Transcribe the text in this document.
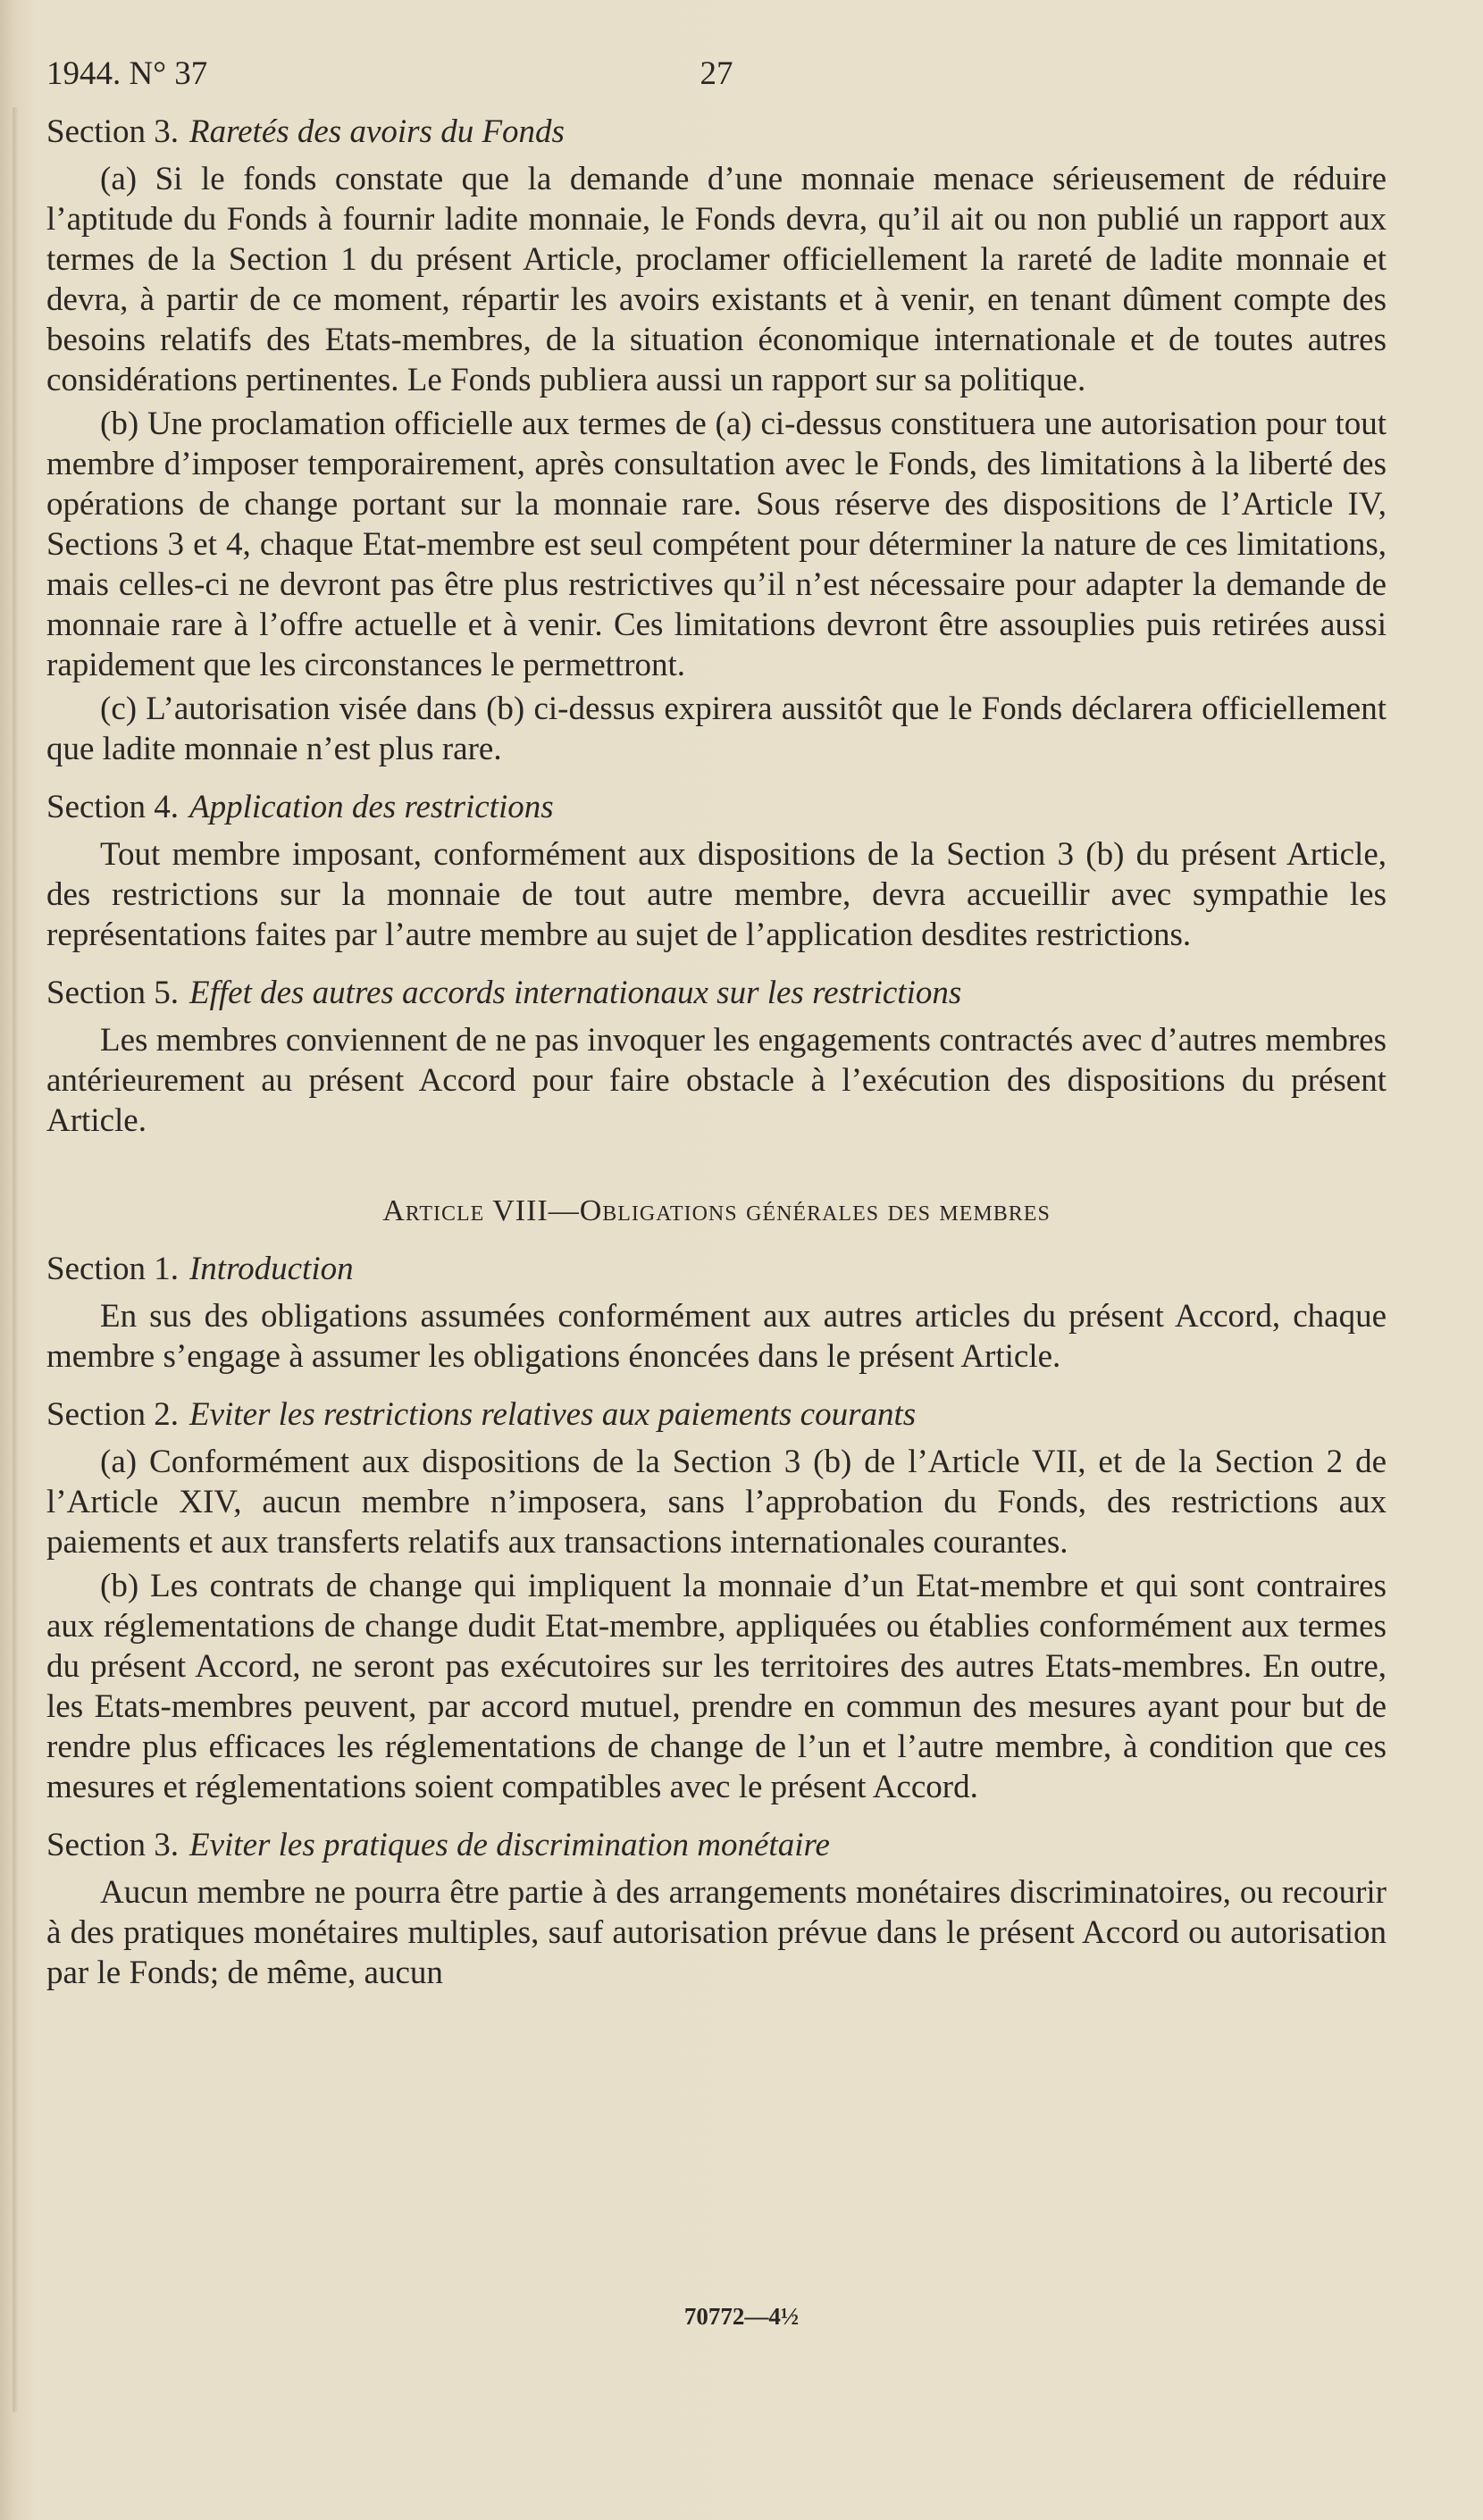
1944. N° 37	27
Section 3. Raretés des avoirs du Fonds

(a) Si le fonds constate que la demande d’une monnaie menace sérieusement de réduire l’aptitude du Fonds à fournir ladite monnaie, le Fonds devra, qu’il ait ou non publié un rapport aux termes de la Section 1 du présent Article, proclamer officiellement la rareté de ladite monnaie et devra, à partir de ce moment, répartir les avoirs existants et à venir, en tenant dûment compte des besoins relatifs des Etats-membres, de la situation économique internationale et de toutes autres considérations pertinentes. Le Fonds publiera aussi un rapport sur sa politique.

(b) Une proclamation officielle aux termes de (a) ci-dessus constituera une autorisation pour tout membre d’imposer temporairement, après consultation avec le Fonds, des limitations à la liberté des opérations de change portant sur la monnaie rare. Sous réserve des dispositions de l’Article IV, Sections 3 et 4, chaque Etat-membre est seul compétent pour déterminer la nature de ces limitations, mais celles-ci ne devront pas être plus restrictives qu’il n’est nécessaire pour adapter la demande de monnaie rare à l’offre actuelle et à venir. Ces limitations devront être assouplies puis retirées aussi rapidement que les circonstances le permettront.

(c) L’autorisation visée dans (b) ci-dessus expirera aussitôt que le Fonds déclarera officiellement que ladite monnaie n’est plus rare.

Section 4. Application des restrictions

Tout membre imposant, conformément aux dispositions de la Section 3 (b) du présent Article, des restrictions sur la monnaie de tout autre membre, devra accueillir avec sympathie les représentations faites par l’autre membre au sujet de l’application desdites restrictions.

Section 5. Effet des autres accords internationaux sur les restrictions

Les membres conviennent de ne pas invoquer les engagements contractés avec d’autres membres antérieurement au présent Accord pour faire obstacle à l’exécution des dispositions du présent Article.

Article VIII—Obligations générales des membres
Section 1. Introduction

En sus des obligations assumées conformément aux autres articles du présent Accord, chaque membre s’engage à assumer les obligations énoncées dans le présent Article.

Section 2. Eviter les restrictions relatives aux paiements courants

(a) Conformément aux dispositions de la Section 3 (b) de l’Article VII, et de la Section 2 de l’Article XIV, aucun membre n’imposera, sans l’approbation du Fonds, des restrictions aux paiements et aux transferts relatifs aux transactions internationales courantes.

(b) Les contrats de change qui impliquent la monnaie d’un Etat-membre et qui sont contraires aux réglementations de change dudit Etat-membre, appliquées ou établies conformément aux termes du présent Accord, ne seront pas exécutoires sur les territoires des autres Etats-membres. En outre, les Etats-membres peuvent, par accord mutuel, prendre en commun des mesures ayant pour but de rendre plus efficaces les réglementations de change de l’un et l’autre membre, à condition que ces mesures et réglementations soient compatibles avec le présent Accord.

Section 3. Eviter les pratiques de discrimination monétaire

Aucun membre ne pourra être partie à des arrangements monétaires discriminatoires, ou recourir à des pratiques monétaires multiples, sauf autorisation prévue dans le présent Accord ou autorisation par le Fonds; de même, aucun

70772—4½
